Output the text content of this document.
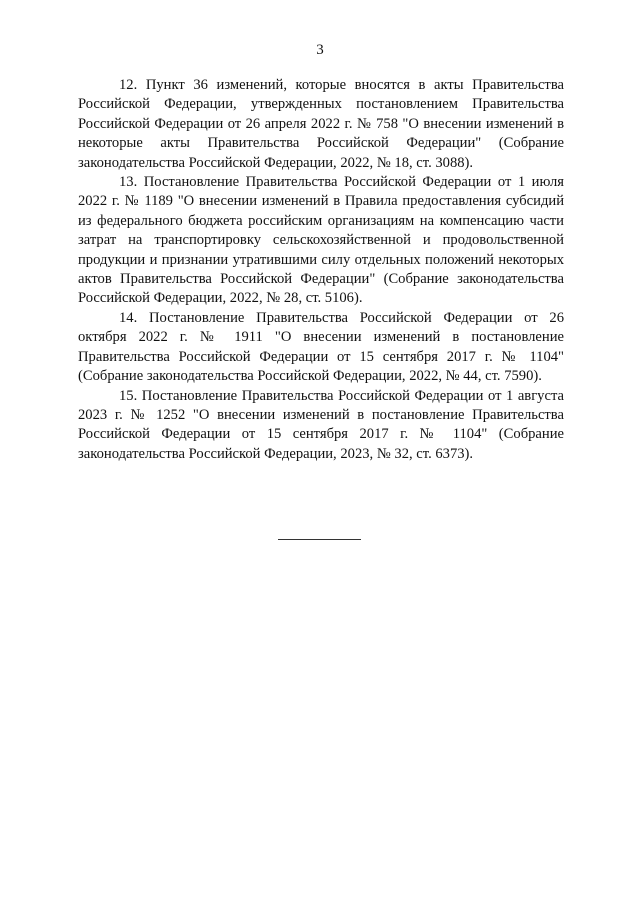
3

12. Пункт 36 изменений, которые вносятся в акты Правительства Российской Федерации, утвержденных постановлением Правительства Российской Федерации от 26 апреля 2022 г. № 758 "О внесении изменений в некоторые акты Правительства Российской Федерации" (Собрание законодательства Российской Федерации, 2022, № 18, ст. 3088).

13. Постановление Правительства Российской Федерации от 1 июля 2022 г. № 1189 "О внесении изменений в Правила предоставления субсидий из федерального бюджета российским организациям на компенсацию части затрат на транспортировку сельскохозяйственной и продовольственной продукции и признании утратившими силу отдельных положений некоторых актов Правительства Российской Федерации" (Собрание законодательства Российской Федерации, 2022, № 28, ст. 5106).

14. Постановление Правительства Российской Федерации от 26 октября 2022 г. № 1911 "О внесении изменений в постановление Правительства Российской Федерации от 15 сентября 2017 г. № 1104" (Собрание законодательства Российской Федерации, 2022, № 44, ст. 7590).

15. Постановление Правительства Российской Федерации от 1 августа 2023 г. № 1252 "О внесении изменений в постановление Правительства Российской Федерации от 15 сентября 2017 г. № 1104" (Собрание законодательства Российской Федерации, 2023, № 32, ст. 6373).
